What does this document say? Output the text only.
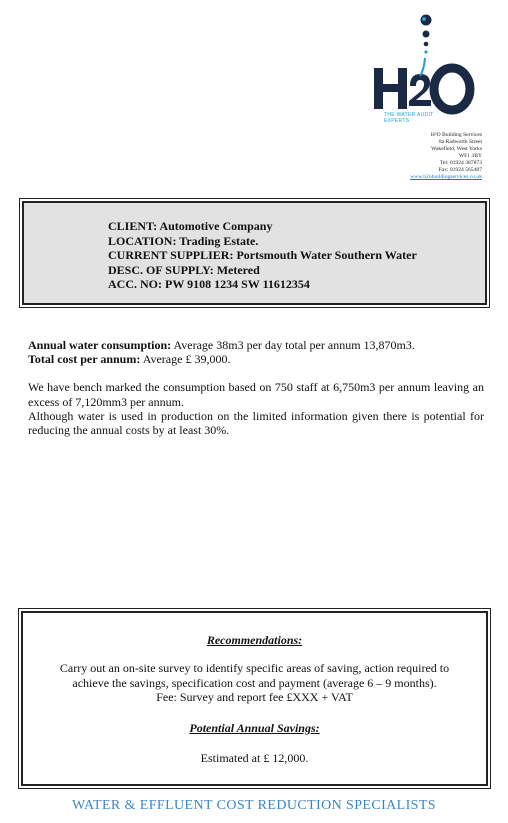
THE WATER AUDIT EXPERTS
H²O Building Services
8a Radworth Street
Wakefield, West Yorks
WF1 3BY
Tel: 01924 387873
Fax: 01924 565487
www.h2obuildingservices.co.uk
CLIENT: Automotive Company
LOCATION: Trading Estate.
CURRENT SUPPLIER: Portsmouth Water Southern Water
DESC. OF SUPPLY: Metered
ACC. NO: PW 9108 1234 SW 11612354

Annual water consumption: Average 38m3 per day total per annum 13,870m3.

Total cost per annum: Average £ 39,000.

We have bench marked the consumption based on 750 staff at 6,750m3 per annum leaving an excess of 7,120mm3 per annum.

Although water is used in production on the limited information given there is potential for reducing the annual costs by at least 30%.

Recommendations:
Carry out an on-site survey to identify specific areas of saving, action required to
achieve the savings, specification cost and payment (average 6 – 9 months).
Fee: Survey and report fee £XXX + VAT
Potential Annual Savings:
Estimated at £ 12,000.
WATER & EFFLUENT COST REDUCTION SPECIALISTS
